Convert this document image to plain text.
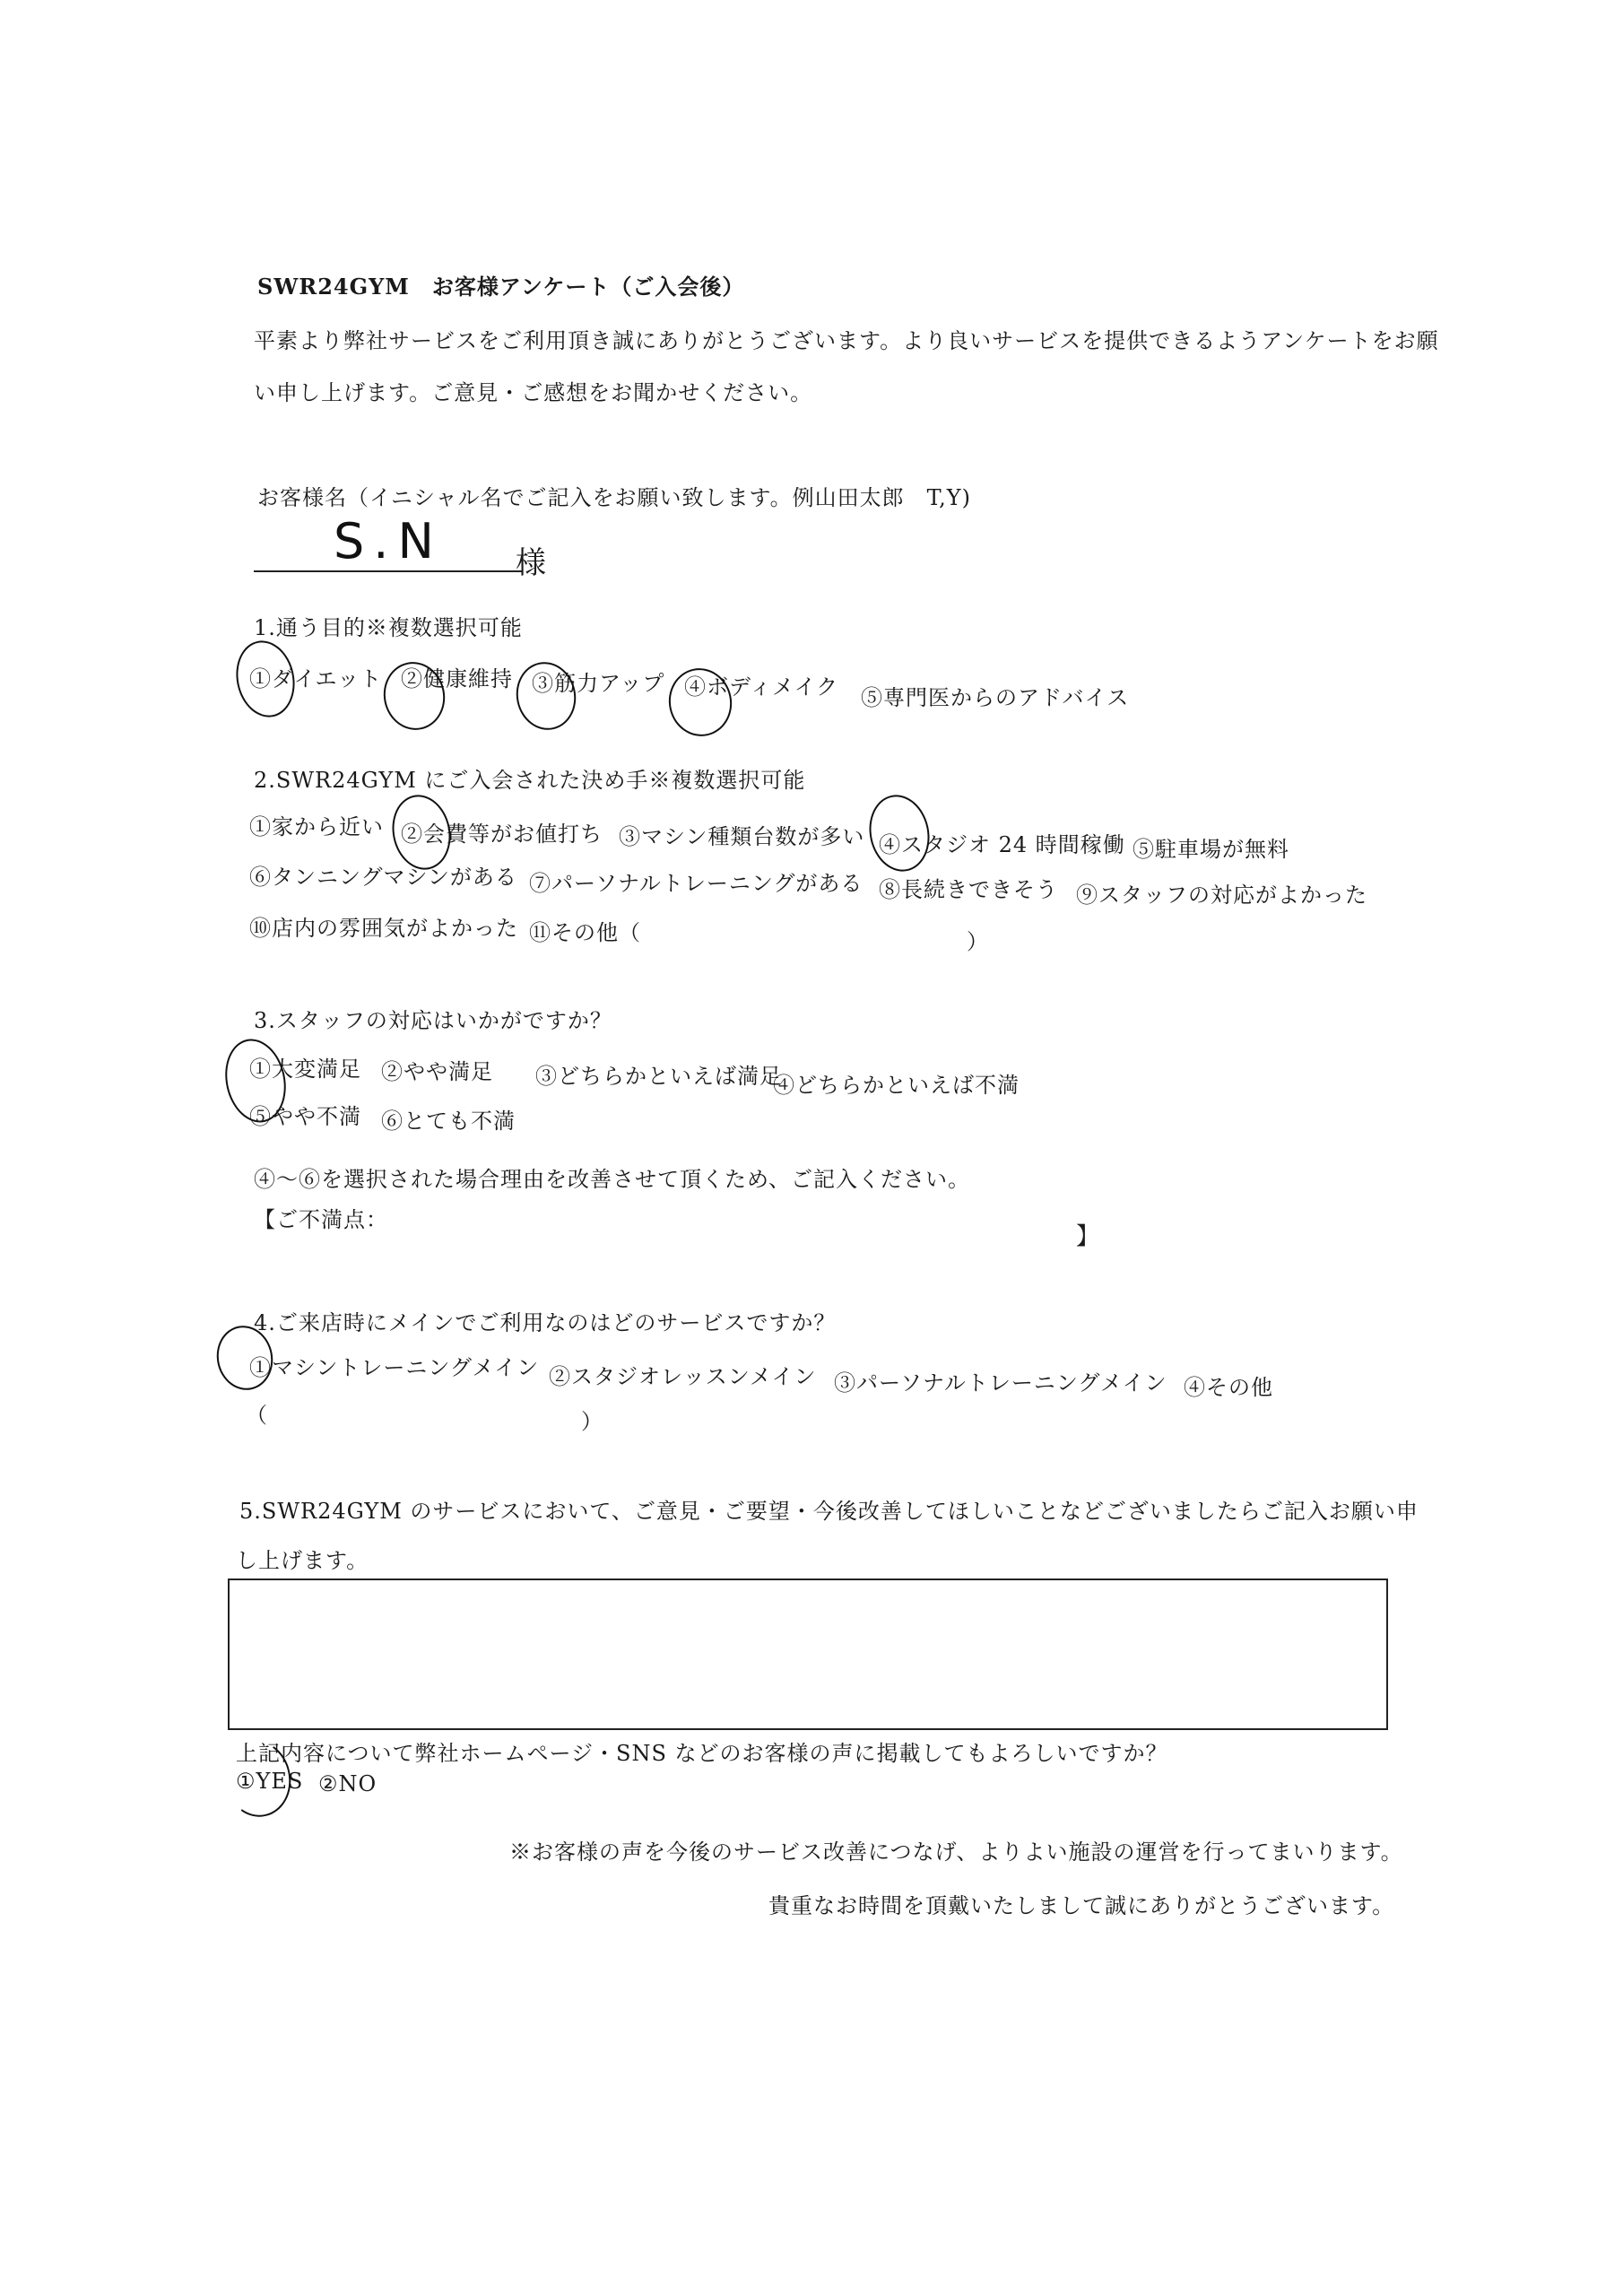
SWR24GYM　お客様アンケート（ご入会後）
平素より弊社サービスをご利用頂き誠にありがとうございます。より良いサービスを提供できるようアンケートをお願
い申し上げます。ご意見・ご感想をお聞かせください。
お客様名（イニシャル名でご記入をお願い致します。例山田太郎　T,Y)
S.N 様
1.通う目的※複数選択可能
①ダイエット ②健康維持 ③筋力アップ ④ボディメイク ⑤専門医からのアドバイス
2.SWR24GYM にご入会された決め手※複数選択可能
①家から近い ②会費等がお値打ち ③マシン種類台数が多い ④スタジオ 24 時間稼働 ⑤駐車場が無料
⑥タンニングマシンがある ⑦パーソナルトレーニングがある ⑧長続きできそう ⑨スタッフの対応がよかった
⑩店内の雰囲気がよかった ⑪その他（	）
3.スタッフの対応はいかがですか？
①大変満足 ②やや満足 ③どちらかといえば満足
④どちらかといえば不満
⑤やや不満 ⑥とても不満
④～⑥を選択された場合理由を改善させて頂くため、ご記入ください。
【ご不満点：
】
4.ご来店時にメインでご利用なのはどのサービスですか？
①マシントレーニングメイン ②スタジオレッスンメイン ③パーソナルトレーニングメイン ④その他
（	）
5.SWR24GYM のサービスにおいて、ご意見・ご要望・今後改善してほしいことなどございましたらご記入お願い申
し上げます。
上記内容について弊社ホームページ・SNS などのお客様の声に掲載してもよろしいですか？
①YES ②NO
※お客様の声を今後のサービス改善につなげ、よりよい施設の運営を行ってまいります。
貴重なお時間を頂戴いたしまして誠にありがとうございます。
